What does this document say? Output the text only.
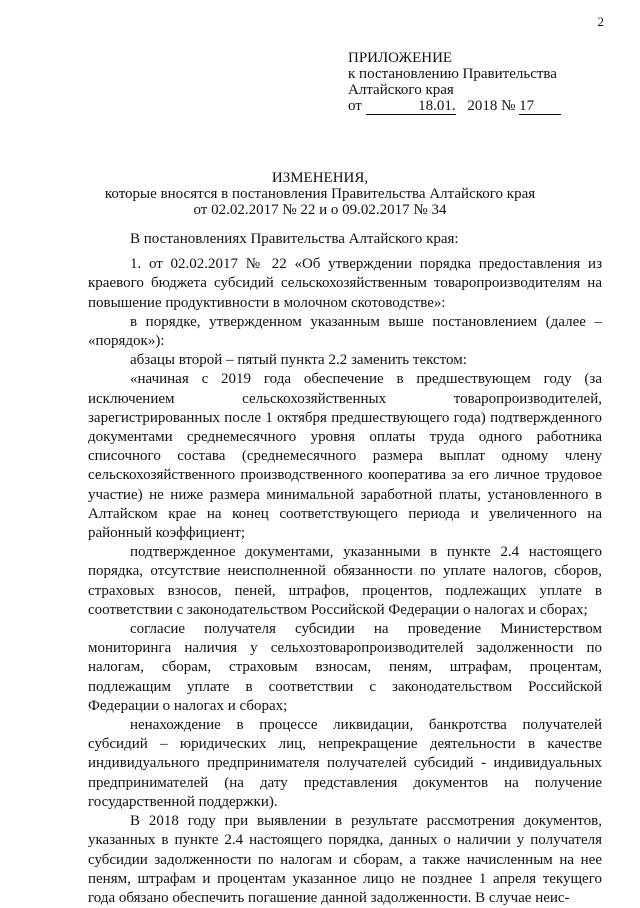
2
ПРИЛОЖЕНИЕ
к постановлению Правительства
Алтайского края
от	18.01. 2018 № 17
ИЗМЕНЕНИЯ,
которые вносятся в постановления Правительства Алтайского края
от 02.02.2017 № 22 и о 09.02.2017 № 34

В постановлениях Правительства Алтайского края:

1. от 02.02.2017 № 22 «Об утверждении порядка предоставления из краевого бюджета субсидий сельскохозяйственным товаропроизводителям на повышение продуктивности в молочном скотоводстве»:

в порядке, утвержденном указанным выше постановлением (далее – «порядок»):

абзацы второй – пятый пункта 2.2 заменить текстом:

«начиная с 2019 года обеспечение в предшествующем году (за исключением сельскохозяйственных товаропроизводителей, зарегистрированных после 1 октября предшествующего года) подтвержденного документами среднемесячного уровня оплаты труда одного работника списочного состава (среднемесячного размера выплат одному члену сельскохозяйственного производственного кооператива за его личное трудовое участие) не ниже размера минимальной заработной платы, установленного в Алтайском крае на конец соответствующего периода и увеличенного на районный коэффициент;

подтвержденное документами, указанными в пункте 2.4 настоящего порядка, отсутствие неисполненной обязанности по уплате налогов, сборов, страховых взносов, пеней, штрафов, процентов, подлежащих уплате в соответствии с законодательством Российской Федерации о налогах и сборах;

согласие получателя субсидии на проведение Министерством мониторинга наличия у сельхозтоваропроизводителей задолженности по налогам, сборам, страховым взносам, пеням, штрафам, процентам, подлежащим уплате в соответствии с законодательством Российской Федерации о налогах и сборах;

ненахождение в процессе ликвидации, банкротства получателей субсидий – юридических лиц, непрекращение деятельности в качестве индивидуального предпринимателя получателей субсидий - индивидуальных предпринимателей (на дату представления документов на получение государственной поддержки).

В 2018 году при выявлении в результате рассмотрения документов, указанных в пункте 2.4 настоящего порядка, данных о наличии у получателя субсидии задолженности по налогам и сборам, а также начисленным на нее пеням, штрафам и процентам указанное лицо не позднее 1 апреля текущего года обязано обеспечить погашение данной задолженности. В случае неис-
